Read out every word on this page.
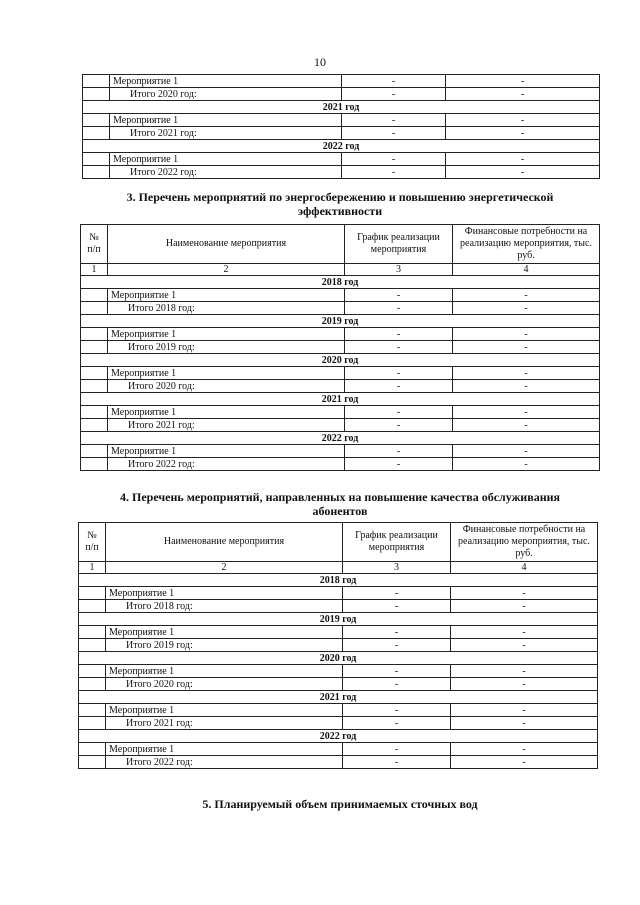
10
	Мероприятие 1	-	-
	Итого 2020 год:	-	-
2021 год			
	Мероприятие 1	-	-
	Итого 2021 год:	-	-
2022 год			
	Мероприятие 1	-	-
	Итого 2022 год:	-	-
3. Перечень мероприятий по энергосбережению и повышению энергетической
эффективности
№ п/п	Наименование мероприятия	График реализации мероприятия	Финансовые потребности на реализацию мероприятия, тыс. руб.
1	2	3	4
2018 год			
	Мероприятие 1	-	-
	Итого 2018 год:	-	-
2019 год			
	Мероприятие 1	-	-
	Итого 2019 год:	-	-
2020 год			
	Мероприятие 1	-	-
	Итого 2020 год:	-	-
2021 год			
	Мероприятие 1	-	-
	Итого 2021 год:	-	-
2022 год			
	Мероприятие 1	-	-
	Итого 2022 год:	-	-
4. Перечень мероприятий, направленных на повышение качества обслуживания
абонентов
№ п/п	Наименование мероприятия	График реализации мероприятия	Финансовые потребности на реализацию мероприятия, тыс. руб.
1	2	3	4
2018 год			
	Мероприятие 1	-	-
	Итого 2018 год:	-	-
2019 год			
	Мероприятие 1	-	-
	Итого 2019 год:	-	-
2020 год			
	Мероприятие 1	-	-
	Итого 2020 год:	-	-
2021 год			
	Мероприятие 1	-	-
	Итого 2021 год:	-	-
2022 год			
	Мероприятие 1	-	-
	Итого 2022 год:	-	-
5. Планируемый объем принимаемых сточных вод
